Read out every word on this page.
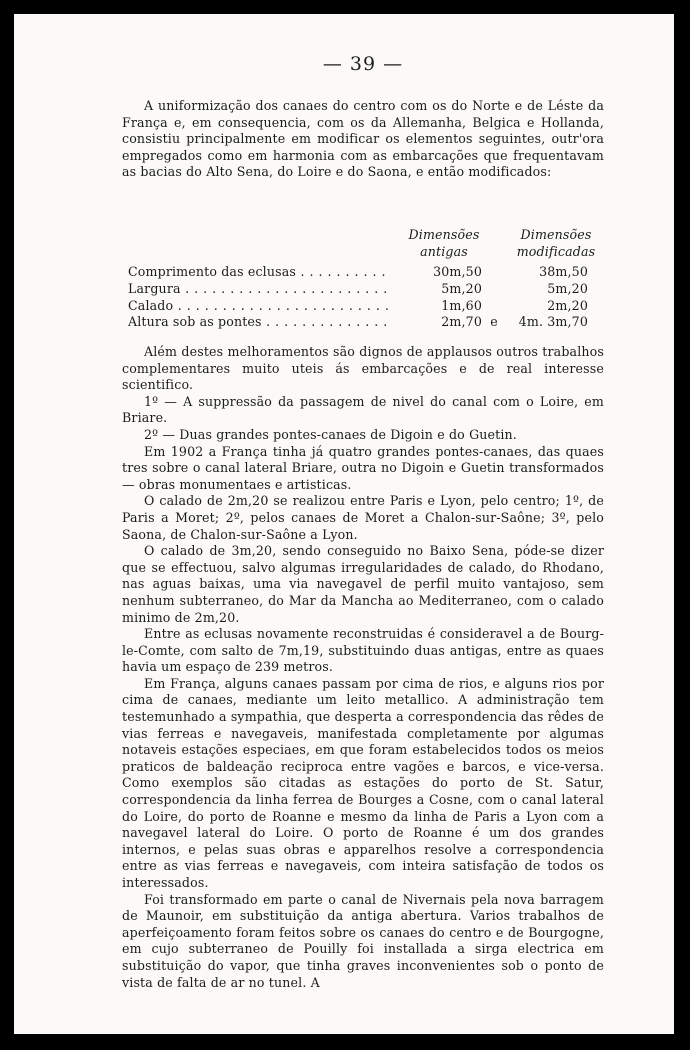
— 39 —

A uniformização dos canaes do centro com os do Norte e de Léste da França e, em consequencia, com os da Allemanha, Belgica e Hollanda, consistiu principalmente em modificar os elementos seguintes, outr'ora empregados como em harmonia com as embarcações que frequentavam as bacias do Alto Sena, do Loire e do Saona, e então modificados:

Dimensões
antigas
Dimensões
modificadas
Comprimento das eclusas . . .	30m,50	38m,50
Largura . . .	5m,20	5m,20
Calado . . .	1m,60	2m,20
Altura sob as pontes . . .	2m,70 e	4m. 3m,70

Além destes melhoramentos são dignos de applausos outros trabalhos complementares muito uteis ás embarcações e de real interesse scientifico.

1º — A suppressão da passagem de nivel do canal com o Loire, em Briare.

2º — Duas grandes pontes-canaes de Digoin e do Guetin.

Em 1902 a França tinha já quatro grandes pontes-canaes, das quaes tres sobre o canal lateral Briare, outra no Digoin e Guetin transformados — obras monumentaes e artisticas.

O calado de 2m,20 se realizou entre Paris e Lyon, pelo centro; 1º, de Paris a Moret; 2º, pelos canaes de Moret a Chalon-sur-Saône; 3º, pelo Saona, de Chalon-sur-Saône a Lyon.

O calado de 3m,20, sendo conseguido no Baixo Sena, póde-se dizer que se effectuou, salvo algumas irregularidades de calado, do Rhodano, nas aguas baixas, uma via navegavel de perfil muito vantajoso, sem nenhum subterraneo, do Mar da Mancha ao Mediterraneo, com o calado minimo de 2m,20.

Entre as eclusas novamente reconstruidas é consideravel a de Bourg-le-Comte, com salto de 7m,19, substituindo duas antigas, entre as quaes havia um espaço de 239 metros.

Em França, alguns canaes passam por cima de rios, e alguns rios por cima de canaes, mediante um leito metallico. A administração tem testemunhado a sympathia, que desperta a correspondencia das rêdes de vias ferreas e navegaveis, manifestada completamente por algumas notaveis estações especiaes, em que foram estabelecidos todos os meios praticos de baldeação reciproca entre vagões e barcos, e vice-versa. Como exemplos são citadas as estações do porto de St. Satur, correspondencia da linha ferrea de Bourges a Cosne, com o canal lateral do Loire, do porto de Roanne e mesmo da linha de Paris a Lyon com a navegavel lateral do Loire. O porto de Roanne é um dos grandes internos, e pelas suas obras e apparelhos resolve a correspondencia entre as vias ferreas e navegaveis, com inteira satisfação de todos os interessados.

Foi transformado em parte o canal de Nivernais pela nova barragem de Maunoir, em substituição da antiga abertura. Varios trabalhos de aperfeiçoamento foram feitos sobre os canaes do centro e de Bourgogne, em cujo subterraneo de Pouilly foi installada a sirga electrica em substituição do vapor, que tinha graves inconvenientes sob o ponto de vista de falta de ar no tunel. A
